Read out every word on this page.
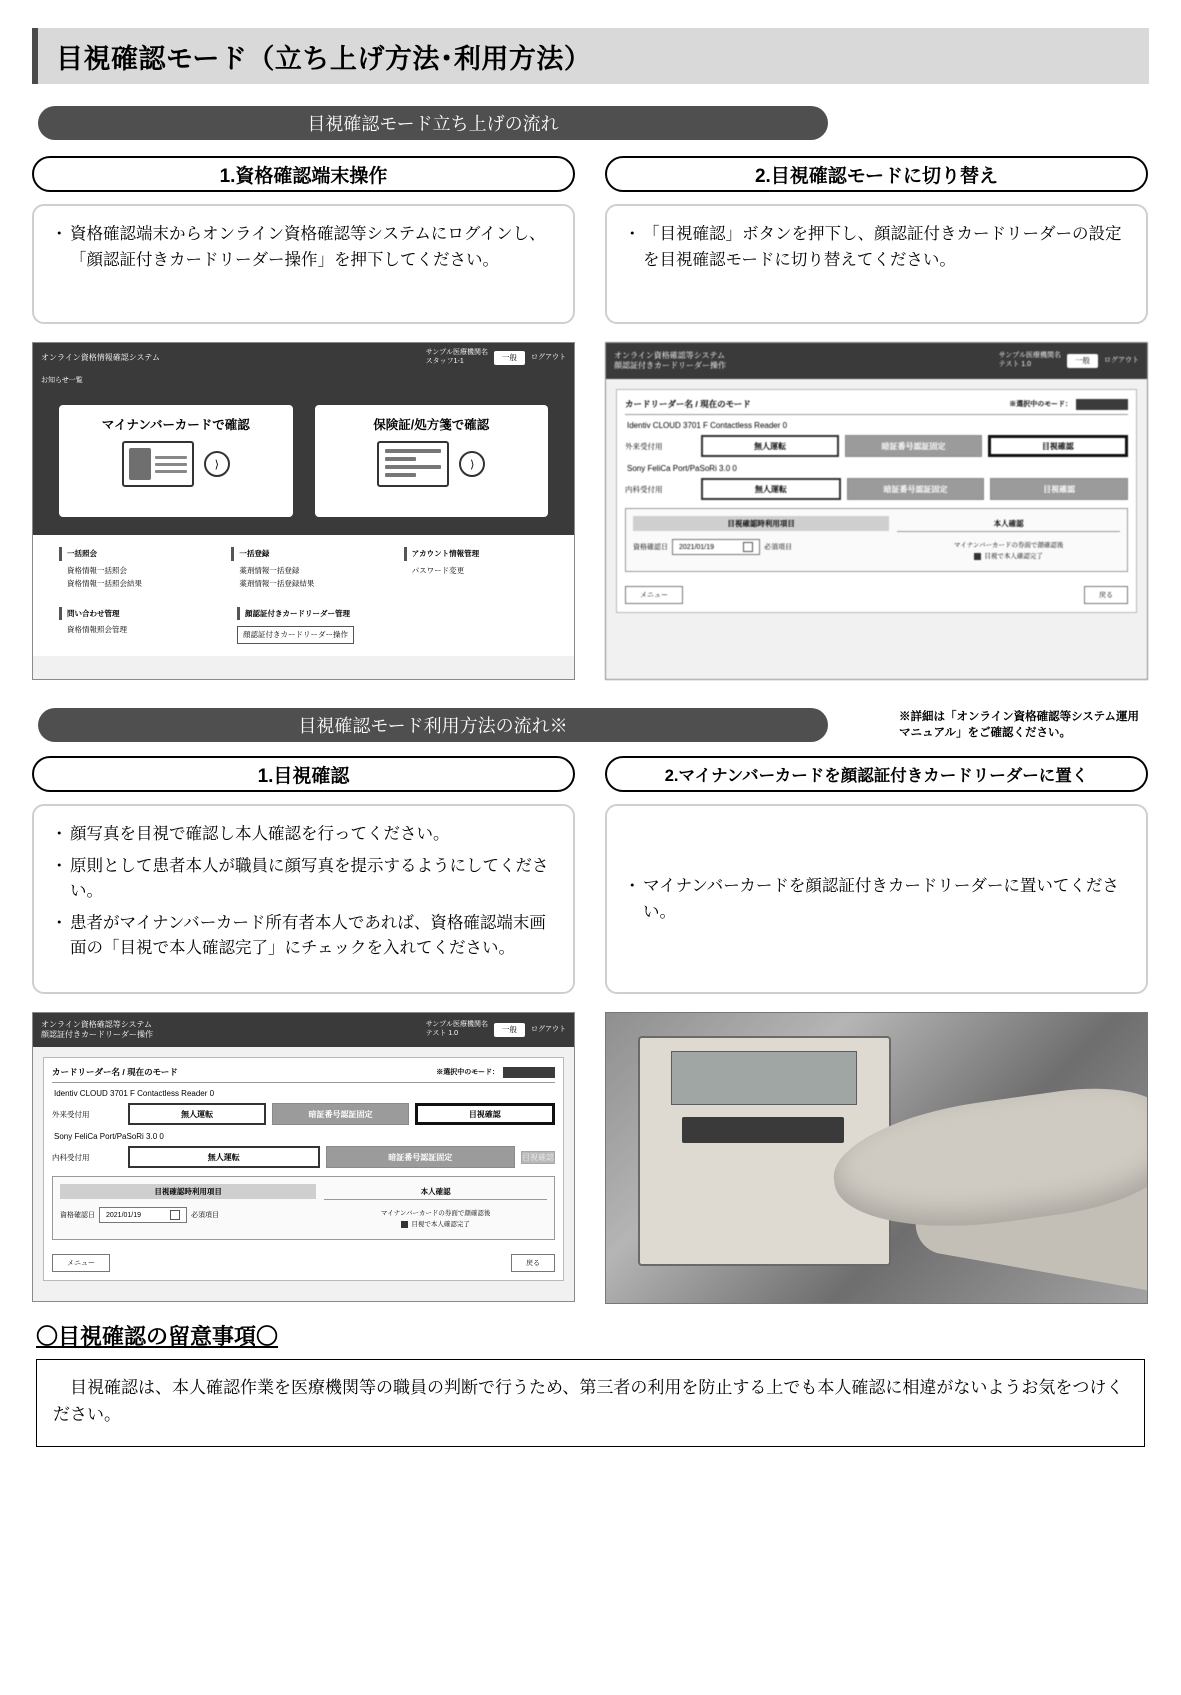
目視確認モード（立ち上げ方法･利用方法）
目視確認モード立ち上げの流れ
1.資格確認端末操作
・ 資格確認端末からオンライン資格確認等システムにログインし、「顔認証付きカードリーダー操作」を押下してください。
オンライン資格情報確認システム
サンプル医療機関名
スタッフ1-1	一般	ログアウト
お知らせ一覧
マイナンバーカードで確認
⟩
保険証/処方箋で確認
⟩
一括照会
資格情報一括照会
資格情報一括照会結果
一括登録
薬剤情報一括登録
薬剤情報一括登録結果
アカウント情報管理
パスワード変更
問い合わせ管理
資格情報照会管理
顔認証付きカードリーダー管理
顔認証付きカードリーダー操作
2.目視確認モードに切り替え
・ 「目視確認」ボタンを押下し、顔認証付きカードリーダーの設定を目視確認モードに切り替えてください。
オンライン資格確認等システム
顔認証付きカードリーダー操作
サンプル医療機関名
テスト 1.0	一般	ログアウト
カードリーダー名 / 現在のモード	※選択中のモード：
Identiv CLOUD 3701 F Contactless Reader 0
外来受付用	無人運転	暗証番号認証固定	目視確認
Sony FeliCa Port/PaSoRi 3.0 0
内科受付用	無人運転	暗証番号認証固定	目視確認
目視確認時利用項目
資格確認日 2021/01/19	必須項目
本人確認
マイナンバーカードの券面で顔確認後
目視で本人確認完了
メニュー	戻る
目視確認モード利用方法の流れ※	※詳細は「オンライン資格確認等システム運用マニュアル」をご確認ください。
1.目視確認
・ 顔写真を目視で確認し本人確認を行ってください。
・ 原則として患者本人が職員に顔写真を提示するようにしてください。
・ 患者がマイナンバーカード所有者本人であれば、資格確認端末画面の「目視で本人確認完了」にチェックを入れてください。
オンライン資格確認等システム
顔認証付きカードリーダー操作
サンプル医療機関名
テスト 1.0	一般	ログアウト
カードリーダー名 / 現在のモード	※選択中のモード：
Identiv CLOUD 3701 F Contactless Reader 0
外来受付用	無人運転	暗証番号認証固定	目視確認
Sony FeliCa Port/PaSoRi 3.0 0
内科受付用	無人運転	暗証番号認証固定	目視確認
目視確認時利用項目
資格確認日 2021/01/19	必須項目
本人確認
マイナンバーカードの券面で顔確認後
目視で本人確認完了
メニュー	戻る
〇目視確認の留意事項〇
2.マイナンバーカードを顔認証付きカードリーダーに置く
・ マイナンバーカードを顔認証付きカードリーダーに置いてください。

目視確認は、本人確認作業を医療機関等の職員の判断で行うため、第三者の利用を防止する上でも本人確認に相違がないようお気をつけください。
